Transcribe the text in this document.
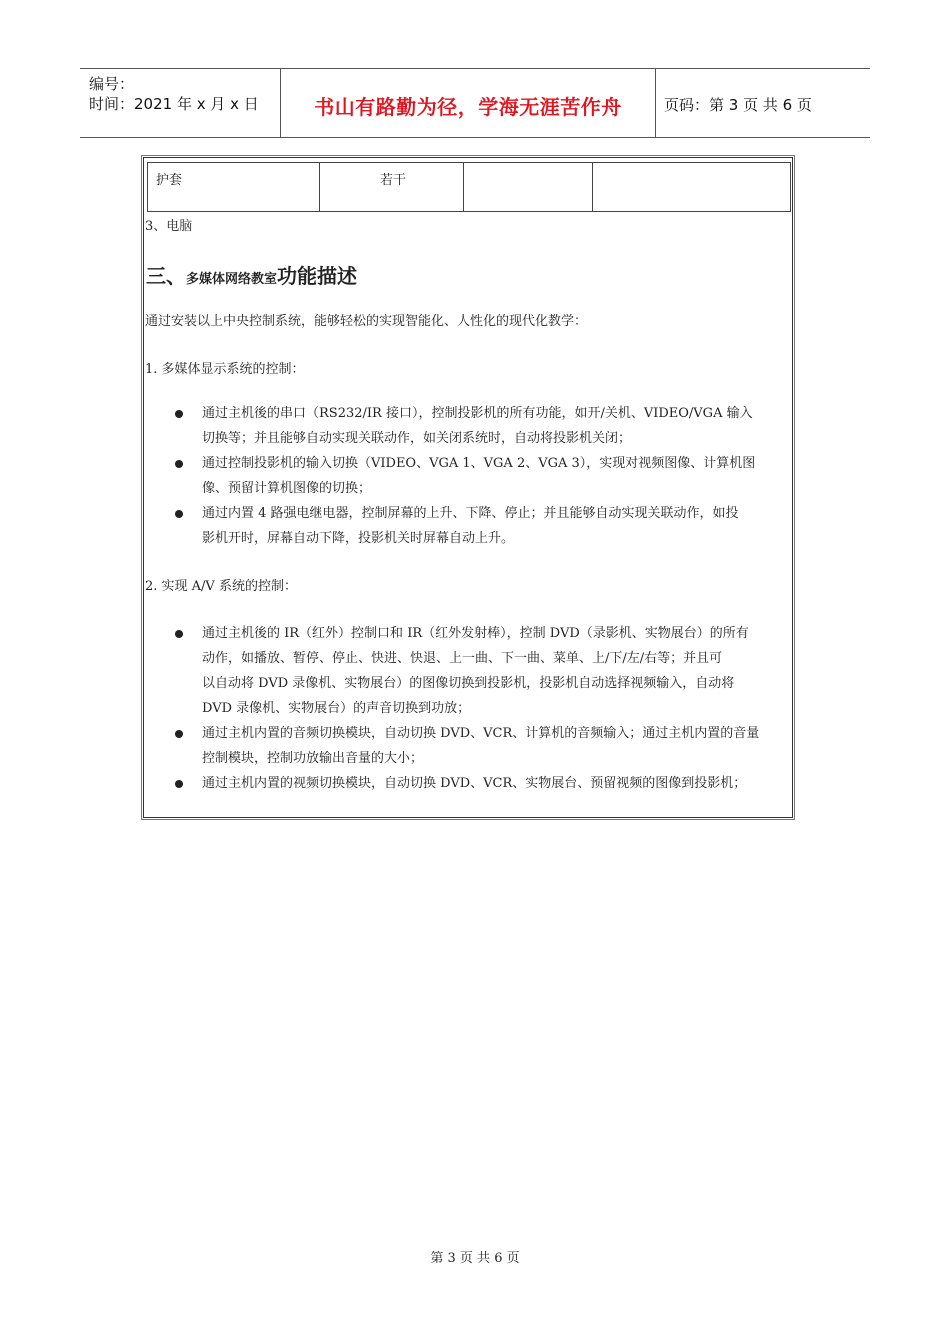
编号：
时间：2021 年 x 月 x 日	书山有路勤为径，学海无涯苦作舟	页码：第 3 页 共 6 页
护套	若干		
3、电脑
三、多媒体网络教室功能描述
通过安装以上中央控制系统，能够轻松的实现智能化、人性化的现代化教学：
1. 多媒体显示系统的控制：
通过主机後的串口（RS232/IR 接口），控制投影机的所有功能，如开/关机、VIDEO/VGA 输入
切换等；并且能够自动实现关联动作，如关闭系统时，自动将投影机关闭；
通过控制投影机的输入切换（VIDEO、VGA 1、VGA 2、VGA 3），实现对视频图像、计算机图
像、预留计算机图像的切换；
通过内置 4 路强电继电器，控制屏幕的上升、下降、停止；并且能够自动实现关联动作，如投
影机开时，屏幕自动下降，投影机关时屏幕自动上升。
2. 实现 A/V 系统的控制：
通过主机後的 IR（红外）控制口和 IR（红外发射棒），控制 DVD（录影机、实物展台）的所有
动作，如播放、暂停、停止、快进、快退、上一曲、下一曲、菜单、上/下/左/右等；并且可
以自动将 DVD 录像机、实物展台）的图像切换到投影机，投影机自动选择视频输入，自动将
DVD 录像机、实物展台）的声音切换到功放；
通过主机内置的音频切换模块，自动切换 DVD、VCR、计算机的音频输入；通过主机内置的音量
控制模块，控制功放输出音量的大小；
通过主机内置的视频切换模块，自动切换 DVD、VCR、实物展台、预留视频的图像到投影机；
第 3 页 共 6 页
